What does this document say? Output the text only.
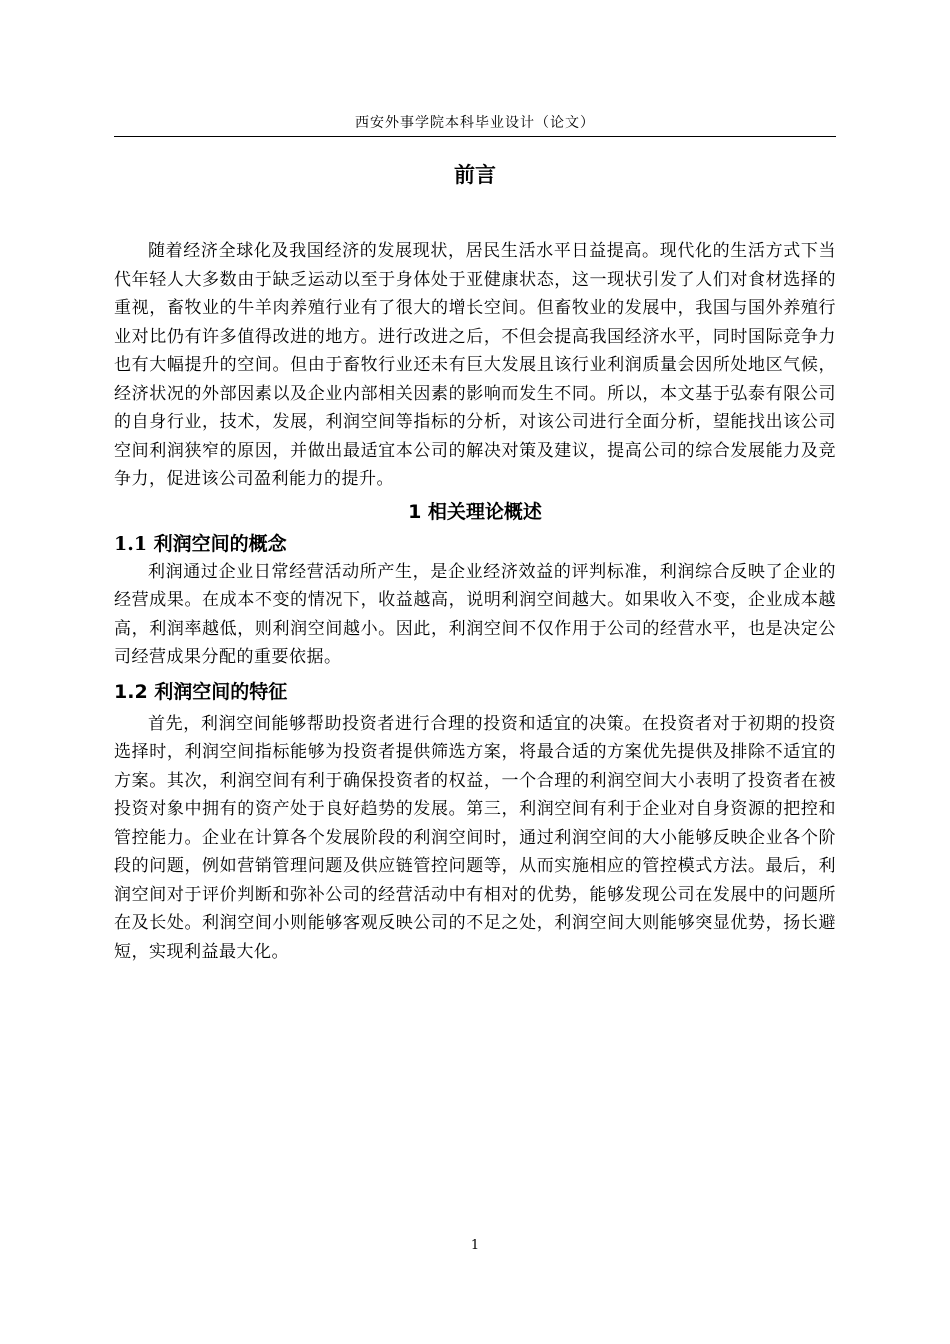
西安外事学院本科毕业设计（论文）
前言

随着经济全球化及我国经济的发展现状，居民生活水平日益提高。现代化的生活方式下当代年轻人大多数由于缺乏运动以至于身体处于亚健康状态，这一现状引发了人们对食材选择的重视，畜牧业的牛羊肉养殖行业有了很大的增长空间。但畜牧业的发展中，我国与国外养殖行业对比仍有许多值得改进的地方。进行改进之后，不但会提高我国经济水平，同时国际竞争力也有大幅提升的空间。但由于畜牧行业还未有巨大发展且该行业利润质量会因所处地区气候，经济状况的外部因素以及企业内部相关因素的影响而发生不同。所以，本文基于弘泰有限公司的自身行业，技术，发展，利润空间等指标的分析，对该公司进行全面分析，望能找出该公司空间利润狭窄的原因，并做出最适宜本公司的解决对策及建议，提高公司的综合发展能力及竞争力，促进该公司盈利能力的提升。

1 相关理论概述
1.1 利润空间的概念

利润通过企业日常经营活动所产生，是企业经济效益的评判标准，利润综合反映了企业的经营成果。在成本不变的情况下，收益越高，说明利润空间越大。如果收入不变，企业成本越高，利润率越低，则利润空间越小。因此，利润空间不仅作用于公司的经营水平，也是决定公司经营成果分配的重要依据。

1.2 利润空间的特征

首先，利润空间能够帮助投资者进行合理的投资和适宜的决策。在投资者对于初期的投资选择时，利润空间指标能够为投资者提供筛选方案，将最合适的方案优先提供及排除不适宜的方案。其次，利润空间有利于确保投资者的权益，一个合理的利润空间大小表明了投资者在被投资对象中拥有的资产处于良好趋势的发展。第三，利润空间有利于企业对自身资源的把控和管控能力。企业在计算各个发展阶段的利润空间时，通过利润空间的大小能够反映企业各个阶段的问题，例如营销管理问题及供应链管控问题等，从而实施相应的管控模式方法。最后，利润空间对于评价判断和弥补公司的经营活动中有相对的优势，能够发现公司在发展中的问题所在及长处。利润空间小则能够客观反映公司的不足之处，利润空间大则能够突显优势，扬长避短，实现利益最大化。

1
